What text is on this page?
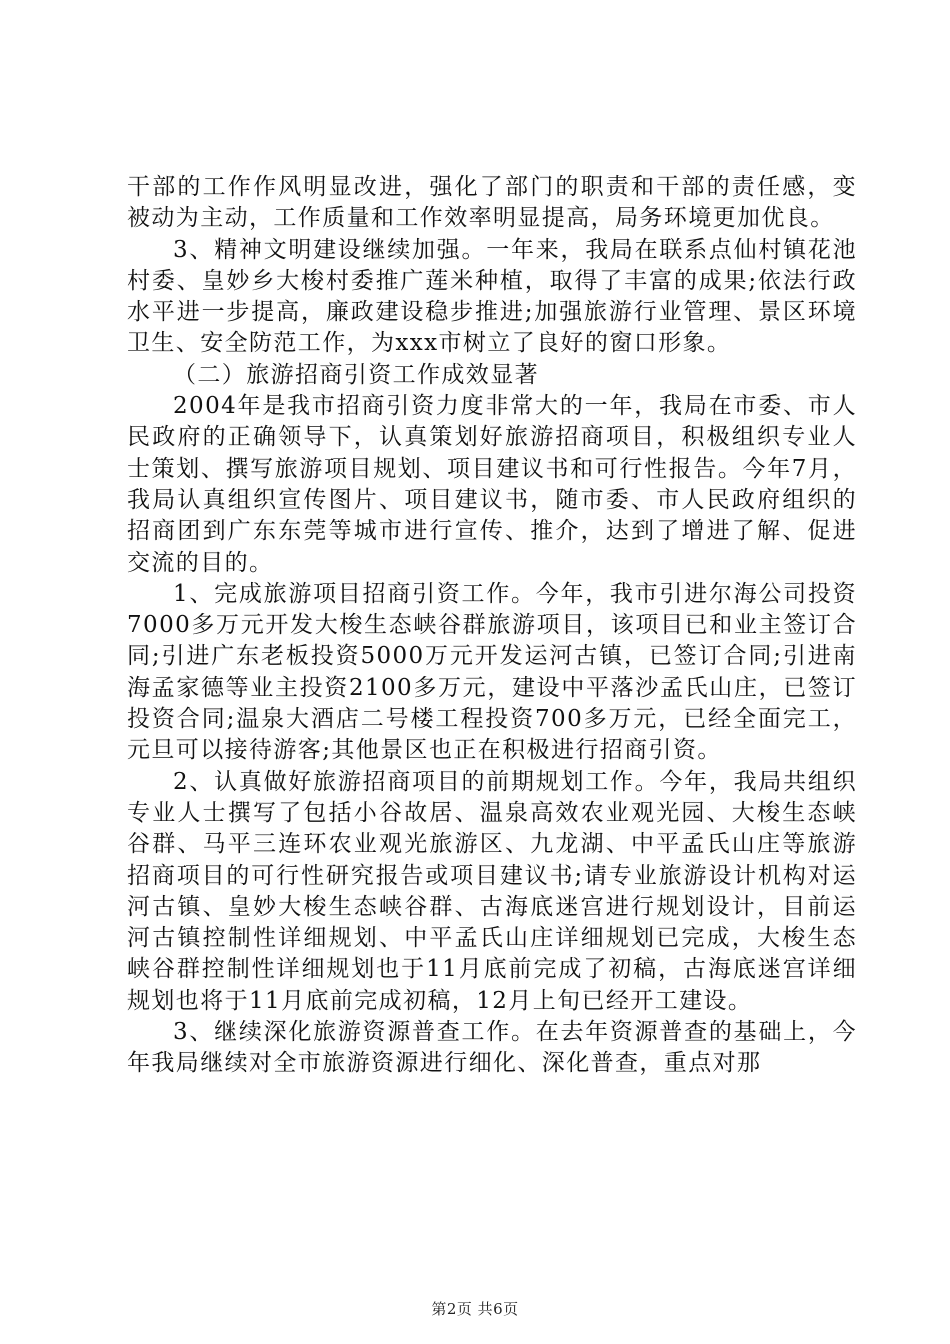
干部的工作作风明显改进，强化了部门的职责和干部的责任感，变被动为主动，工作质量和工作效率明显提高，局务环境更加优良。

3、精神文明建设继续加强。一年来，我局在联系点仙村镇花池村委、皇妙乡大梭村委推广莲米种植，取得了丰富的成果;依法行政水平进一步提高，廉政建设稳步推进;加强旅游行业管理、景区环境卫生、安全防范工作，为xxx市树立了良好的窗口形象。

（二）旅游招商引资工作成效显著

2004年是我市招商引资力度非常大的一年，我局在市委、市人民政府的正确领导下，认真策划好旅游招商项目，积极组织专业人士策划、撰写旅游项目规划、项目建议书和可行性报告。今年7月，我局认真组织宣传图片、项目建议书，随市委、市人民政府组织的招商团到广东东莞等城市进行宣传、推介，达到了增进了解、促进交流的目的。

1、完成旅游项目招商引资工作。今年，我市引进尔海公司投资7000多万元开发大梭生态峡谷群旅游项目，该项目已和业主签订合同;引进广东老板投资5000万元开发运河古镇，已签订合同;引进南海孟家德等业主投资2100多万元，建设中平落沙孟氏山庄，已签订投资合同;温泉大酒店二号楼工程投资700多万元，已经全面完工，元旦可以接待游客;其他景区也正在积极进行招商引资。

2、认真做好旅游招商项目的前期规划工作。今年，我局共组织专业人士撰写了包括小谷故居、温泉高效农业观光园、大梭生态峡谷群、马平三连环农业观光旅游区、九龙湖、中平孟氏山庄等旅游招商项目的可行性研究报告或项目建议书;请专业旅游设计机构对运河古镇、皇妙大梭生态峡谷群、古海底迷宫进行规划设计，目前运河古镇控制性详细规划、中平孟氏山庄详细规划已完成，大梭生态峡谷群控制性详细规划也于11月底前完成了初稿，古海底迷宫详细规划也将于11月底前完成初稿，12月上旬已经开工建设。

3、继续深化旅游资源普查工作。在去年资源普查的基础上，今年我局继续对全市旅游资源进行细化、深化普查，重点对那

第2页 共6页
